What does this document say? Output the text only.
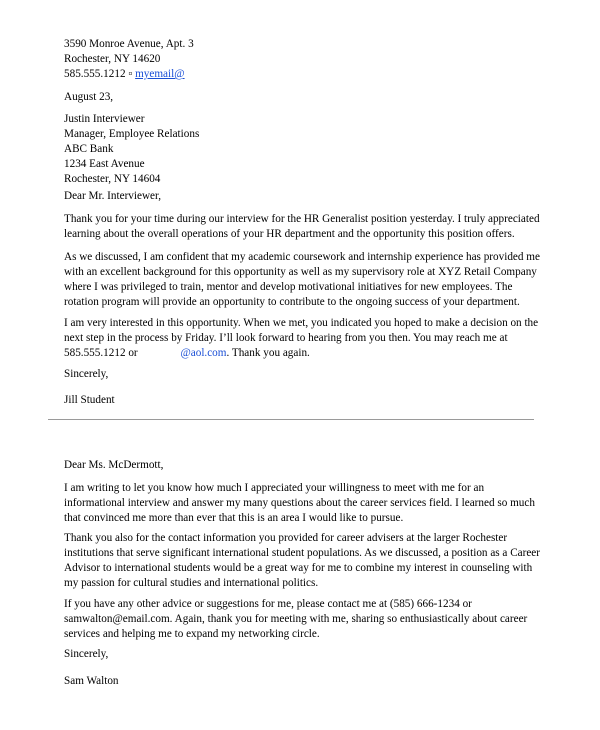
3590 Monroe Avenue, Apt. 3
Rochester, NY 14620
585.555.1212 ▫ myemail@
August 23,
Justin Interviewer
Manager, Employee Relations
ABC Bank
1234 East Avenue
Rochester, NY 14604
Dear Mr. Interviewer,
Thank you for your time during our interview for the HR Generalist position yesterday. I truly appreciated
learning about the overall operations of your HR department and the opportunity this position offers.
As we discussed, I am confident that my academic coursework and internship experience has provided me
with an excellent background for this opportunity as well as my supervisory role at XYZ Retail Company
where I was privileged to train, mentor and develop motivational initiatives for new employees. The
rotation program will provide an opportunity to contribute to the ongoing success of your department.
I am very interested in this opportunity. When we met, you indicated you hoped to make a decision on the
next step in the process by Friday. I’ll look forward to hearing from you then. You may reach me at
585.555.1212 or	@aol.com. Thank you again.
Sincerely,
Jill Student
Dear Ms. McDermott,
I am writing to let you know how much I appreciated your willingness to meet with me for an
informational interview and answer my many questions about the career services field. I learned so much
that convinced me more than ever that this is an area I would like to pursue.
Thank you also for the contact information you provided for career advisers at the larger Rochester
institutions that serve significant international student populations. As we discussed, a position as a Career
Advisor to international students would be a great way for me to combine my interest in counseling with
my passion for cultural studies and international politics.
If you have any other advice or suggestions for me, please contact me at (585) 666-1234 or
samwalton@email.com. Again, thank you for meeting with me, sharing so enthusiastically about career
services and helping me to expand my networking circle.
Sincerely,
Sam Walton
